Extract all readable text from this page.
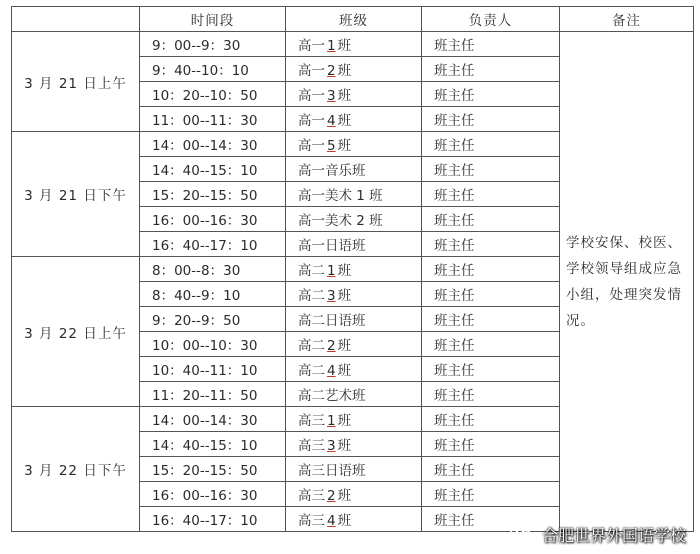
	时间段	班级	负责人	备注
3 月 21 日上午	9：00--9：30	高一 1 班	班主任	学校安保、校医、学校领导组成应急小组，处理突发情况。
	9：40--10：10	高一 2 班	班主任	
	10：20--10：50	高一 3 班	班主任	
	11：00--11：30	高一 4 班	班主任	
3 月 21 日下午	14：00--14：30	高一 5 班	班主任	
	14：40--15：10	高一音乐班	班主任	
	15：20--15：50	高一美术 1 班	班主任	
	16：00--16：30	高一美术 2 班	班主任	
	16：40--17：10	高一日语班	班主任	
3 月 22 日上午	8：00--8：30	高二 1 班	班主任	
	8：40--9：10	高二 3 班	班主任	
	9：20--9：50	高二日语班	班主任	
	10：00--10：30	高二 2 班	班主任	
	10：40--11：10	高二 4 班	班主任	
	11：20--11：50	高二艺术班	班主任	
3 月 22 日下午	14：00--14：30	高三 1 班	班主任	
	14：40--15：10	高三 3 班	班主任	
	15：20--15：50	高三日语班	班主任	
	16：00--16：30	高三 2 班	班主任	
	16：40--17：10	高三 4 班	班主任	
合肥世界外国语学校
